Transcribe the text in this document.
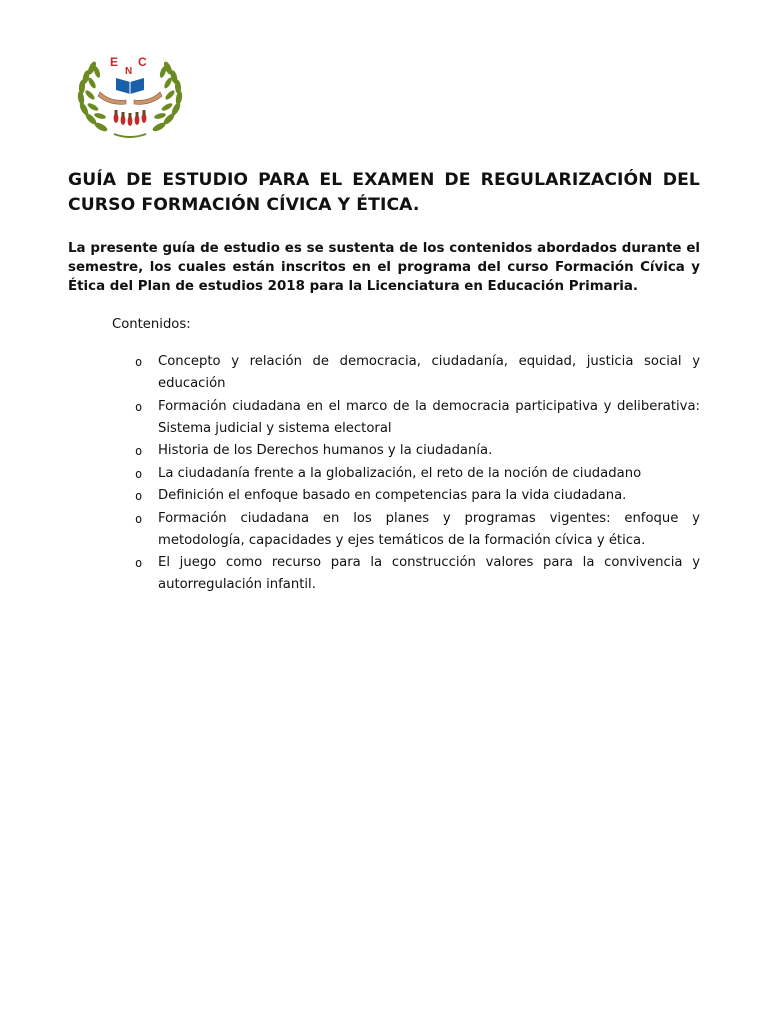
E
N
C
GUÍA DE ESTUDIO PARA EL EXAMEN DE REGULARIZACIÓN DEL CURSO FORMACIÓN CÍVICA Y ÉTICA.

La presente guía de estudio es se sustenta de los contenidos abordados durante el semestre, los cuales están inscritos en el programa del curso Formación Cívica y Ética del Plan de estudios 2018 para la Licenciatura en Educación Primaria.

Contenidos:

o Concepto y relación de democracia, ciudadanía, equidad, justicia social y educación
o Formación ciudadana en el marco de la democracia participativa y deliberativa: Sistema judicial y sistema electoral
o Historia de los Derechos humanos y la ciudadanía.
o La ciudadanía frente a la globalización, el reto de la noción de ciudadano
o Definición el enfoque basado en competencias para la vida ciudadana.
o Formación ciudadana en los planes y programas vigentes: enfoque y metodología, capacidades y ejes temáticos de la formación cívica y ética.
o El juego como recurso para la construcción valores para la convivencia y autorregulación infantil.
